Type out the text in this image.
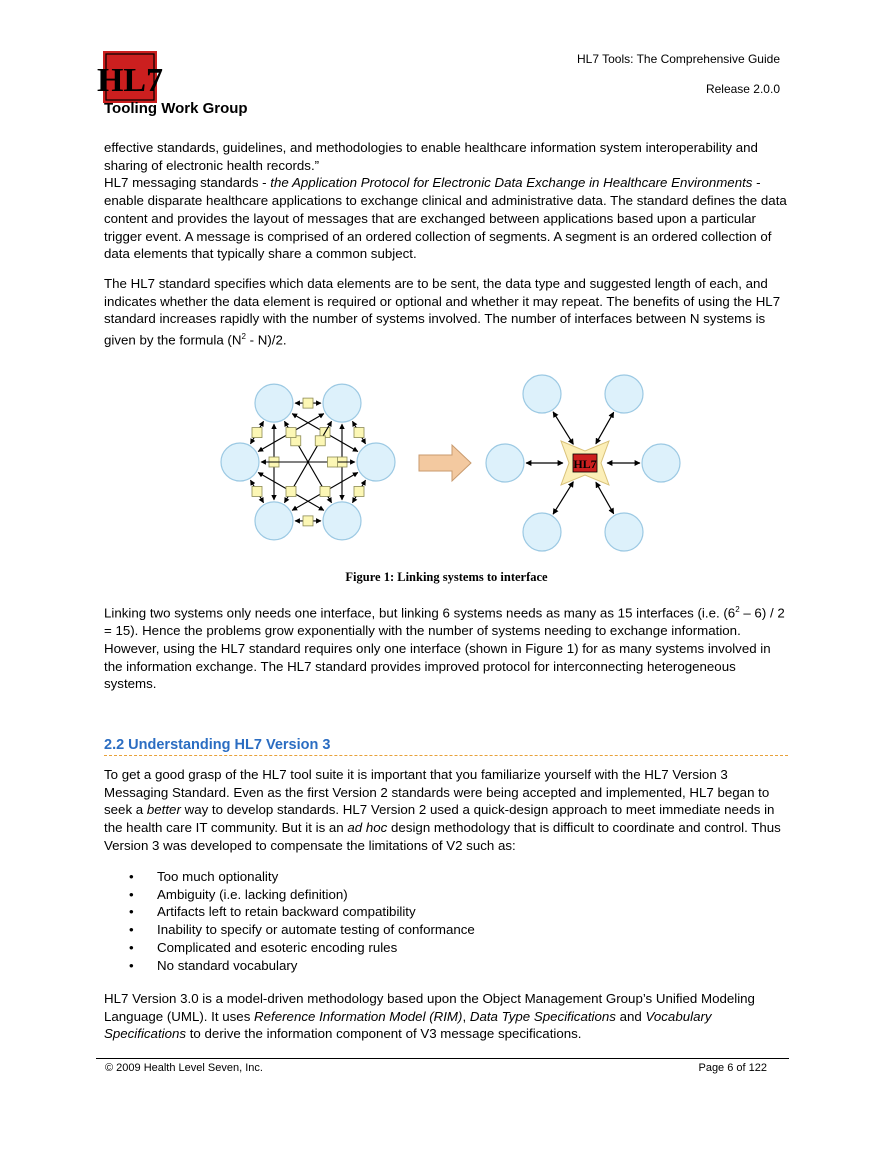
HL7
Tooling Work Group
HL7 Tools: The Comprehensive Guide
Release 2.0.0

effective standards, guidelines, and methodologies to enable healthcare information system interoperability and sharing of electronic health records.”

HL7 messaging standards - the Application Protocol for Electronic Data Exchange in Healthcare Environments - enable disparate healthcare applications to exchange clinical and administrative data. The standard defines the data content and provides the layout of messages that are exchanged between applications based upon a particular trigger event. A message is comprised of an ordered collection of segments. A segment is an ordered collection of data elements that typically share a common subject.

The HL7 standard specifies which data elements are to be sent, the data type and suggested length of each, and indicates whether the data element is required or optional and whether it may repeat. The benefits of using the HL7 standard increases rapidly with the number of systems involved. The number of interfaces between N systems is given by the formula $(N^2 - N)/2$.

HL7
Figure 1: Linking systems to interface

Linking two systems only needs one interface, but linking 6 systems needs as many as 15 interfaces (i.e. $(6^2 - 6) / 2 = 15$). Hence the problems grow exponentially with the number of systems needing to exchange information. However, using the HL7 standard requires only one interface (shown in Figure 1) for as many systems involved in the information exchange. The HL7 standard provides improved protocol for interconnecting heterogeneous systems.

2.2 Understanding HL7 Version 3

To get a good grasp of the HL7 tool suite it is important that you familiarize yourself with the HL7 Version 3 Messaging Standard. Even as the first Version 2 standards were being accepted and implemented, HL7 began to seek a better way to develop standards. HL7 Version 2 used a quick-design approach to meet immediate needs in the health care IT community. But it is an ad hoc design methodology that is difficult to coordinate and control. Thus Version 3 was developed to compensate the limitations of V2 such as:

• Too much optionality
• Ambiguity (i.e. lacking definition)
• Artifacts left to retain backward compatibility
• Inability to specify or automate testing of conformance
• Complicated and esoteric encoding rules
• No standard vocabulary

HL7 Version 3.0 is a model-driven methodology based upon the Object Management Group’s Unified Modeling Language (UML). It uses Reference Information Model (RIM), Data Type Specifications and Vocabulary Specifications to derive the information component of V3 message specifications.

© 2009 Health Level Seven, Inc.	Page 6 of 122
